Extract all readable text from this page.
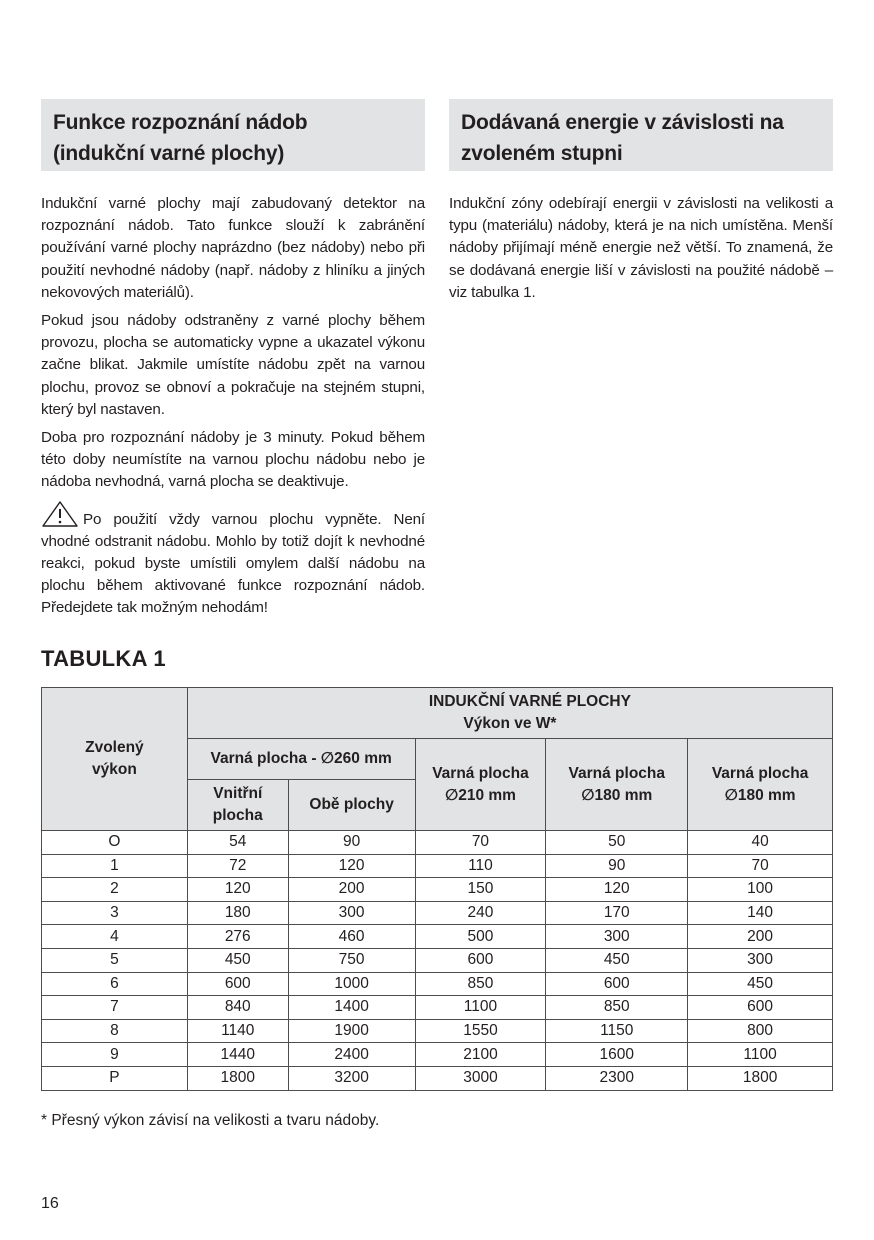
Funkce rozpoznání nádob
(indukční varné plochy)

Indukční varné plochy mají zabudovaný detektor na rozpoznání nádob. Tato funkce slouží k zabránění používání varné plochy naprázdno (bez nádoby) nebo při použití nevhodné nádoby (např. nádoby z hliníku a jiných nekovových materiálů).

Pokud jsou nádoby odstraněny z varné plochy během provozu, plocha se automaticky vypne a ukazatel výkonu začne blikat. Jakmile umístíte nádobu zpět na varnou plochu, provoz se obnoví a pokračuje na stejném stupni, který byl nastaven.

Doba pro rozpoznání nádoby je 3 minuty. Pokud během této doby neumístíte na varnou plochu nádobu nebo je nádoba nevhodná, varná plocha se deaktivuje.

Po použití vždy varnou plochu vypněte. Není vhodné odstranit nádobu. Mohlo by totiž dojít k nevhodné reakci, pokud byste umístili omylem další nádobu na plochu během aktivované funkce rozpoznání nádob. Předejdete tak možným nehodám!

Dodávaná energie v závislosti na
zvoleném stupni

Indukční zóny odebírají energii v závislosti na velikosti a typu (materiálu) nádoby, která je na nich umístěna. Menší nádoby přijímají méně energie než větší. To znamená, že se dodávaná energie liší v závislosti na použité nádobě – viz tabulka 1.

TABULKA 1
Zvolený
výkon

INDUKČNÍ VARNÉ PLOCHY
Výkon ve W*

Varná plocha - ∅260 mm	
Varná plocha
∅210 mm

Varná plocha
∅180 mm

Varná plocha
∅180 mm

	Vnitřní
plocha	Obě plochy			
O	54	90	70	50	40
1	72	120	110	90	70
2	120	200	150	120	100
3	180	300	240	170	140
4	276	460	500	300	200
5	450	750	600	450	300
6	600	1000	850	600	450
7	840	1400	1100	850	600
8	1140	1900	1550	1150	800
9	1440	2400	2100	1600	1100
P	1800	3200	3000	2300	1800
* Přesný výkon závisí na velikosti a tvaru nádoby.
16
